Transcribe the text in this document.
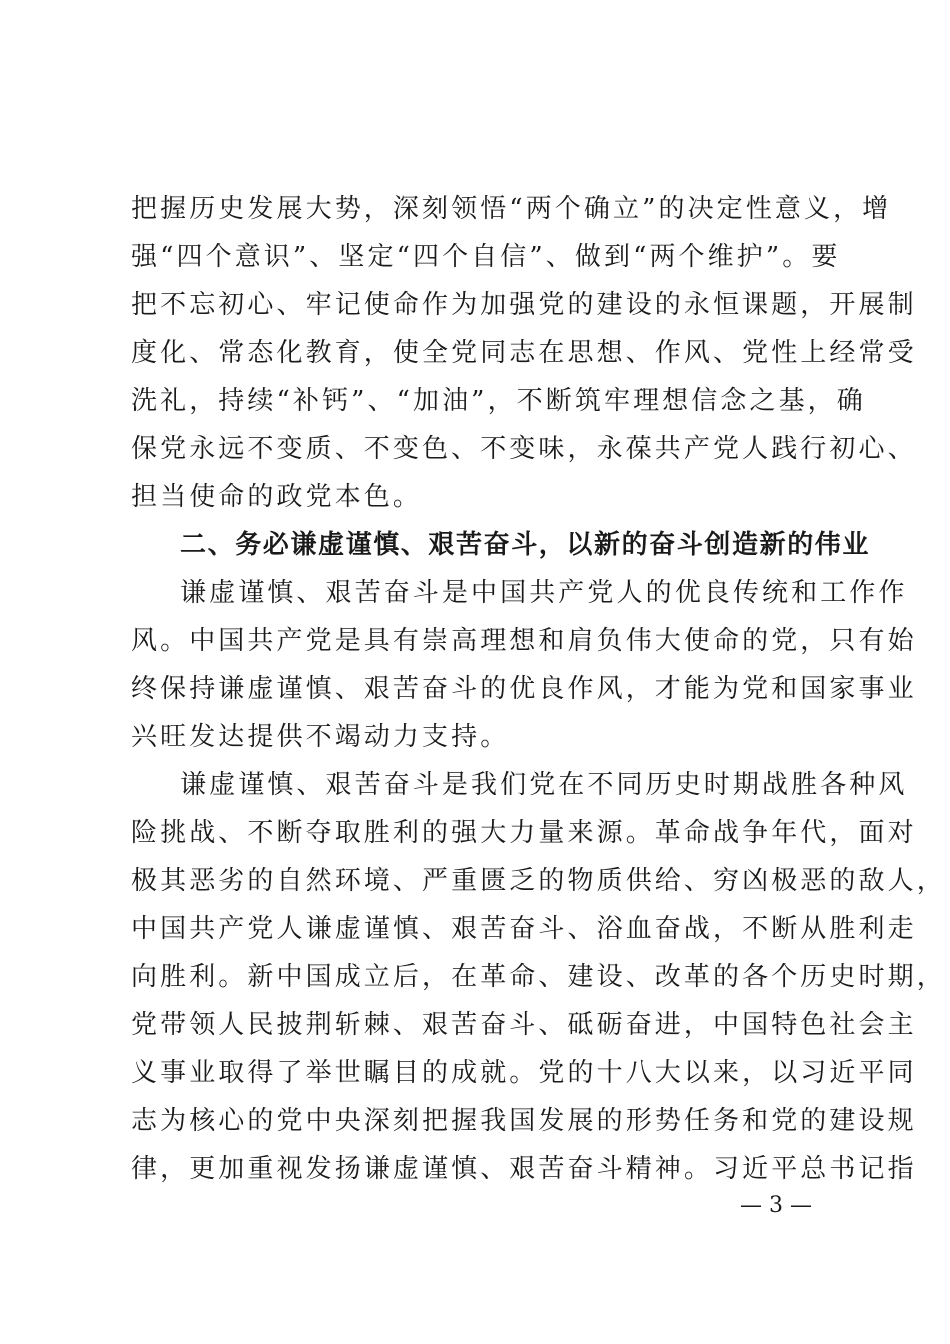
把握历史发展大势，深刻领悟“两个确立”的决定性意义，增
强“四个意识”、坚定“四个自信”、做到“两个维护”。要
把不忘初心、牢记使命作为加强党的建设的永恒课题，开展制
度化、常态化教育，使全党同志在思想、作风、党性上经常受
洗礼，持续“补钙”、“加油”，不断筑牢理想信念之基，确
保党永远不变质、不变色、不变味，永葆共产党人践行初心、
担当使命的政党本色。
二、务必谦虚谨慎、艰苦奋斗，以新的奋斗创造新的伟业
谦虚谨慎、艰苦奋斗是中国共产党人的优良传统和工作作
风。中国共产党是具有崇高理想和肩负伟大使命的党，只有始
终保持谦虚谨慎、艰苦奋斗的优良作风，才能为党和国家事业
兴旺发达提供不竭动力支持。
谦虚谨慎、艰苦奋斗是我们党在不同历史时期战胜各种风
险挑战、不断夺取胜利的强大力量来源。革命战争年代，面对
极其恶劣的自然环境、严重匮乏的物质供给、穷凶极恶的敌人，
中国共产党人谦虚谨慎、艰苦奋斗、浴血奋战，不断从胜利走
向胜利。新中国成立后，在革命、建设、改革的各个历史时期，
党带领人民披荆斩棘、艰苦奋斗、砥砺奋进，中国特色社会主
义事业取得了举世瞩目的成就。党的十八大以来，以习近平同
志为核心的党中央深刻把握我国发展的形势任务和党的建设规
律，更加重视发扬谦虚谨慎、艰苦奋斗精神。习近平总书记指
— 3 —
